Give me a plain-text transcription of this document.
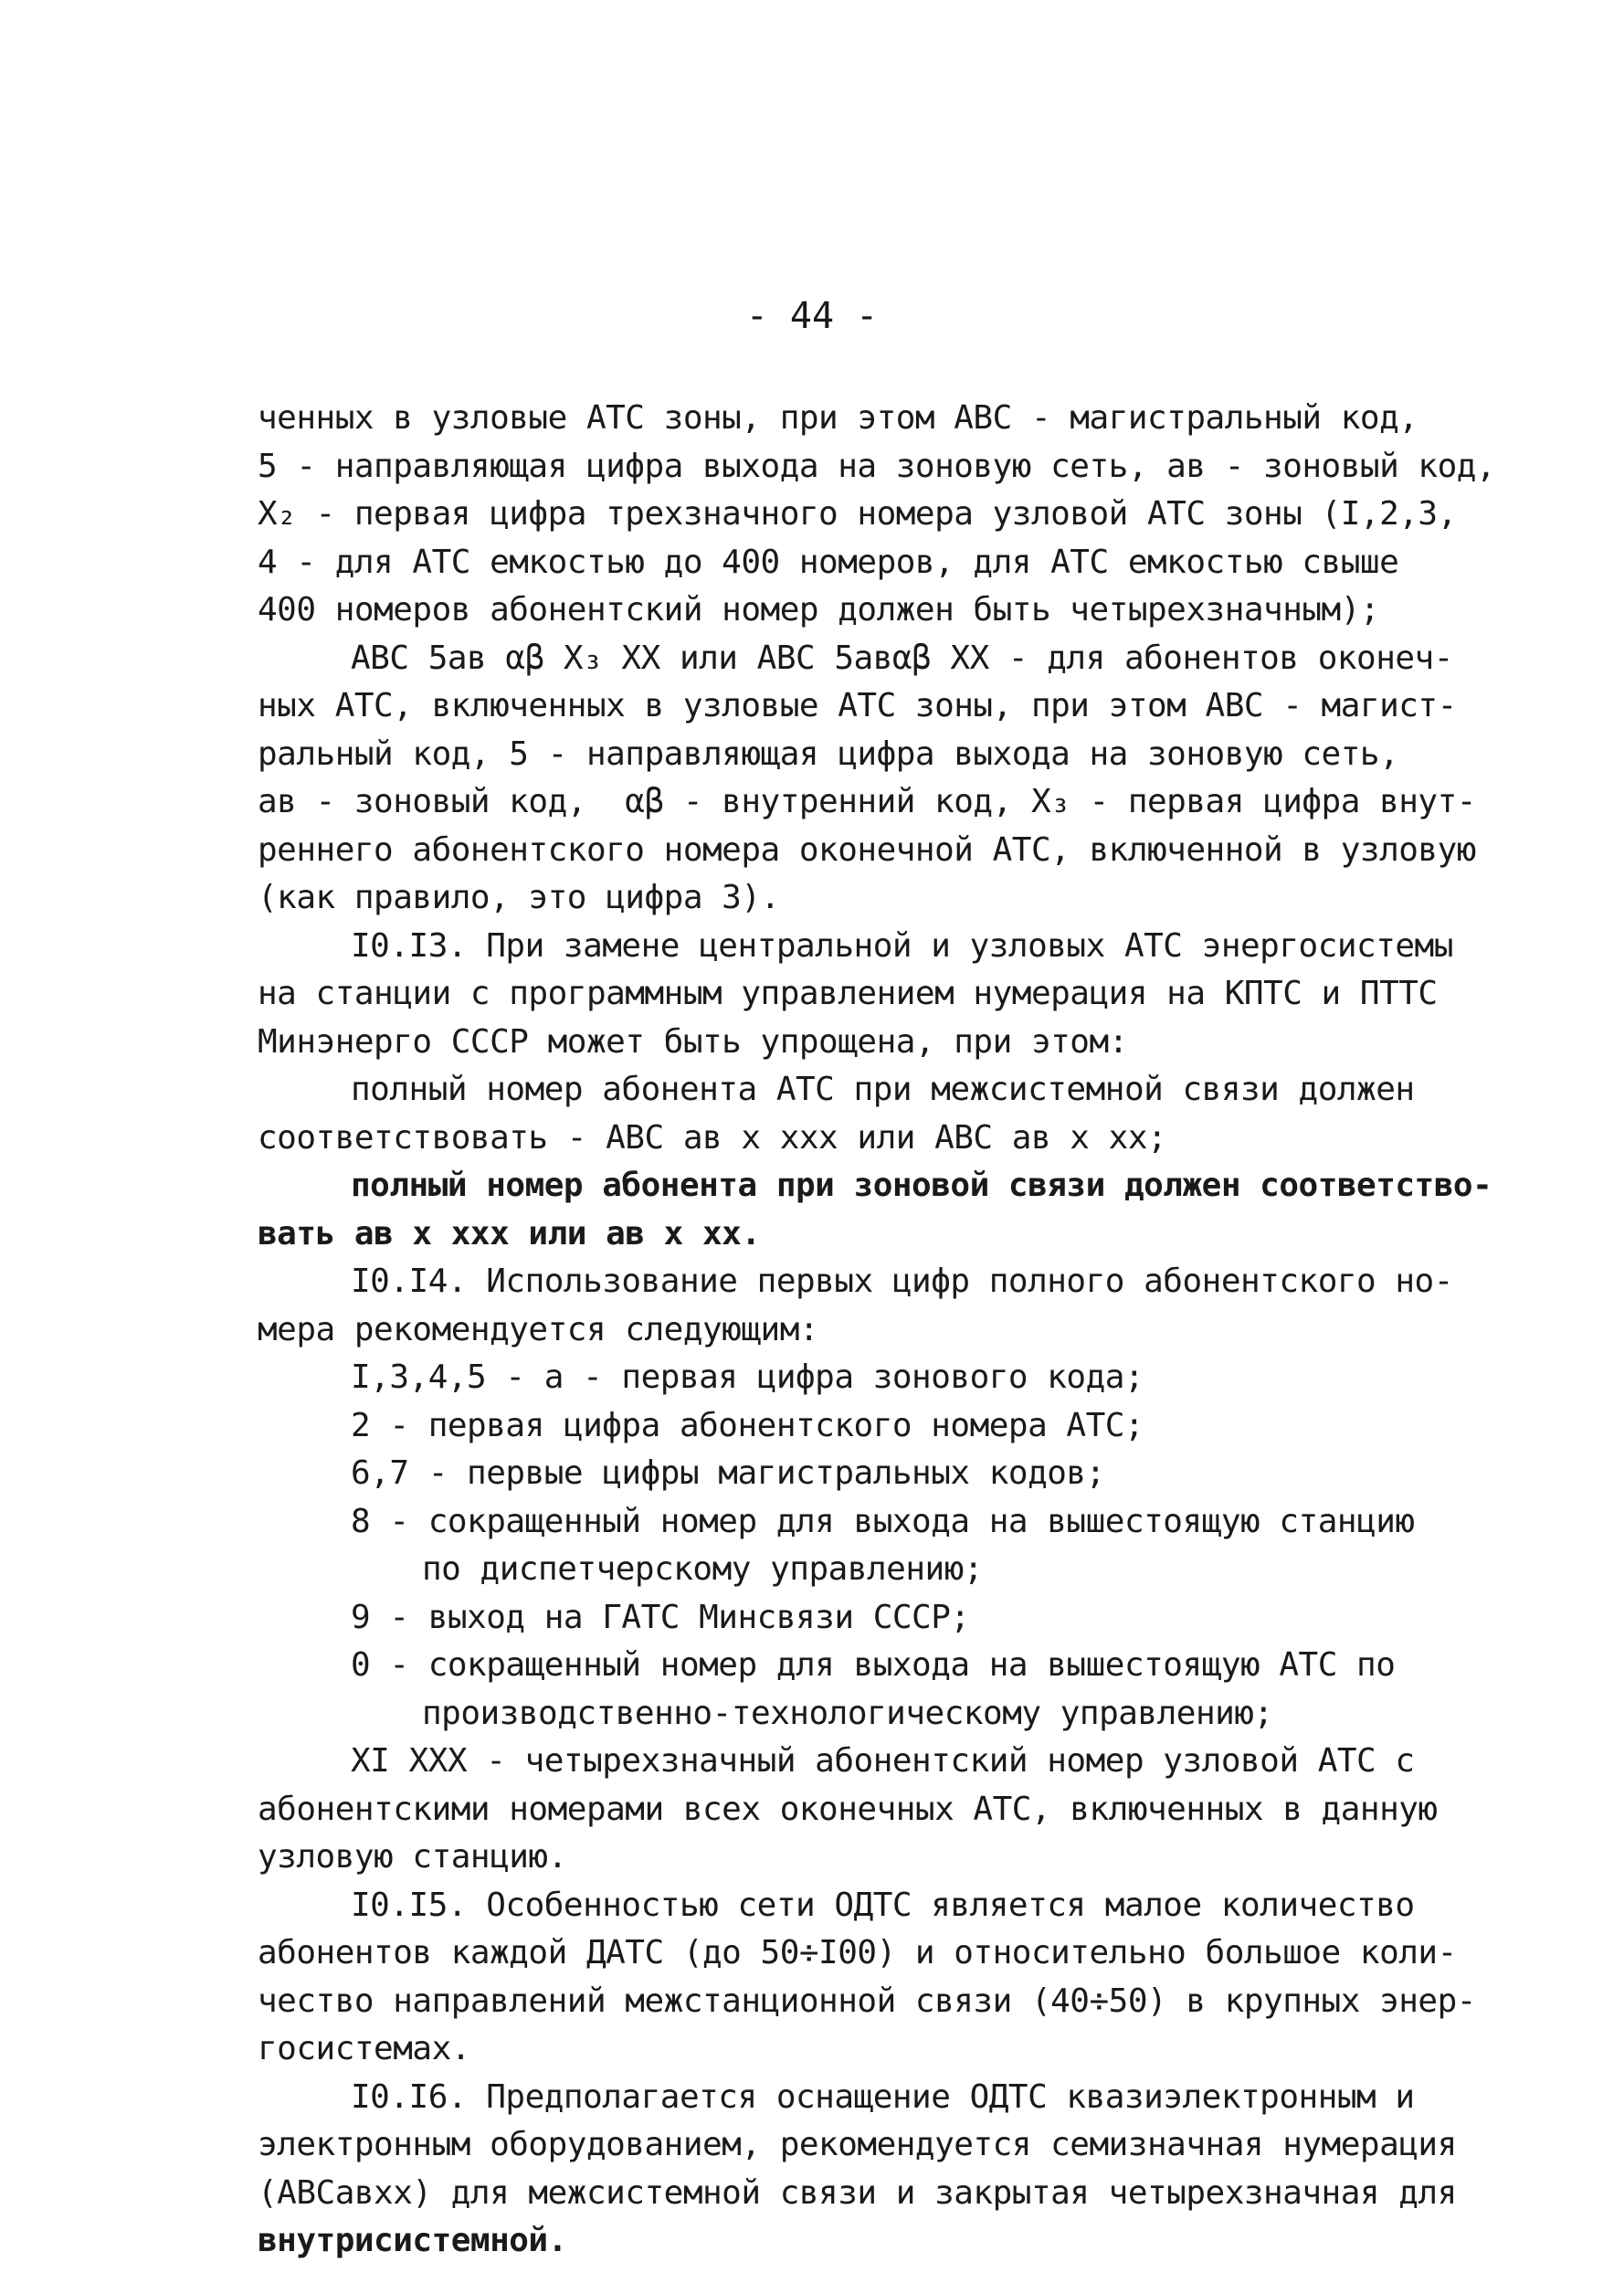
- 44 -
ченных в узловые АТС зоны, при этом АВС - магистральный код,
5 - направляющая цифра выхода на зоновую сеть, ав - зоновый код,
X₂ - первая цифра трехзначного номера узловой АТС зоны (I,2,3,
4 - для АТС емкостью до 400 номеров, для АТС емкостью свыше
400 номеров абонентский номер должен быть четырехзначным);
АВС 5ав αβ X₃ XX или АВС 5авαβ XX - для абонентов оконеч-
ных АТС, включенных в узловые АТС зоны, при этом АВС - магист-
ральный код, 5 - направляющая цифра выхода на зоновую сеть,
ав - зоновый код,  αβ - внутренний код, X₃ - первая цифра внут-
реннего абонентского номера оконечной АТС, включенной в узловую
(как правило, это цифра 3).
I0.I3. При замене центральной и узловых АТС энергосистемы
на станции с программным управлением нумерация на КПТС и ПТТС
Минэнерго СССР может быть упрощена, при этом:
полный номер абонента АТС при межсистемной связи должен
соответствовать - АВС ав х ххх или АВС ав х хх;
полный номер абонента при зоновой связи должен соответство-
вать ав х ххх или ав х хх.
I0.I4. Использование первых цифр полного абонентского но-
мера рекомендуется следующим:
I,3,4,5 - а - первая цифра зонового кода;
2 - первая цифра абонентского номера АТС;
6,7 - первые цифры магистральных кодов;
8 - сокращенный номер для выхода на вышестоящую станцию
по диспетчерскому управлению;
9 - выход на ГАТС Минсвязи СССР;
0 - сокращенный номер для выхода на вышестоящую АТС по
производственно-технологическому управлению;
XI XXX - четырехзначный абонентский номер узловой АТС с
абонентскими номерами всех оконечных АТС, включенных в данную
узловую станцию.
I0.I5. Особенностью сети ОДТС является малое количество
абонентов каждой ДАТС (до 50÷I00) и относительно большое коли-
чество направлений межстанционной связи (40÷50) в крупных энер-
госистемах.
I0.I6. Предполагается оснащение ОДТС квазиэлектронным и
электронным оборудованием, рекомендуется семизначная нумерация
(АВСавхх) для межсистемной связи и закрытая четырехзначная для
внутрисистемной.
